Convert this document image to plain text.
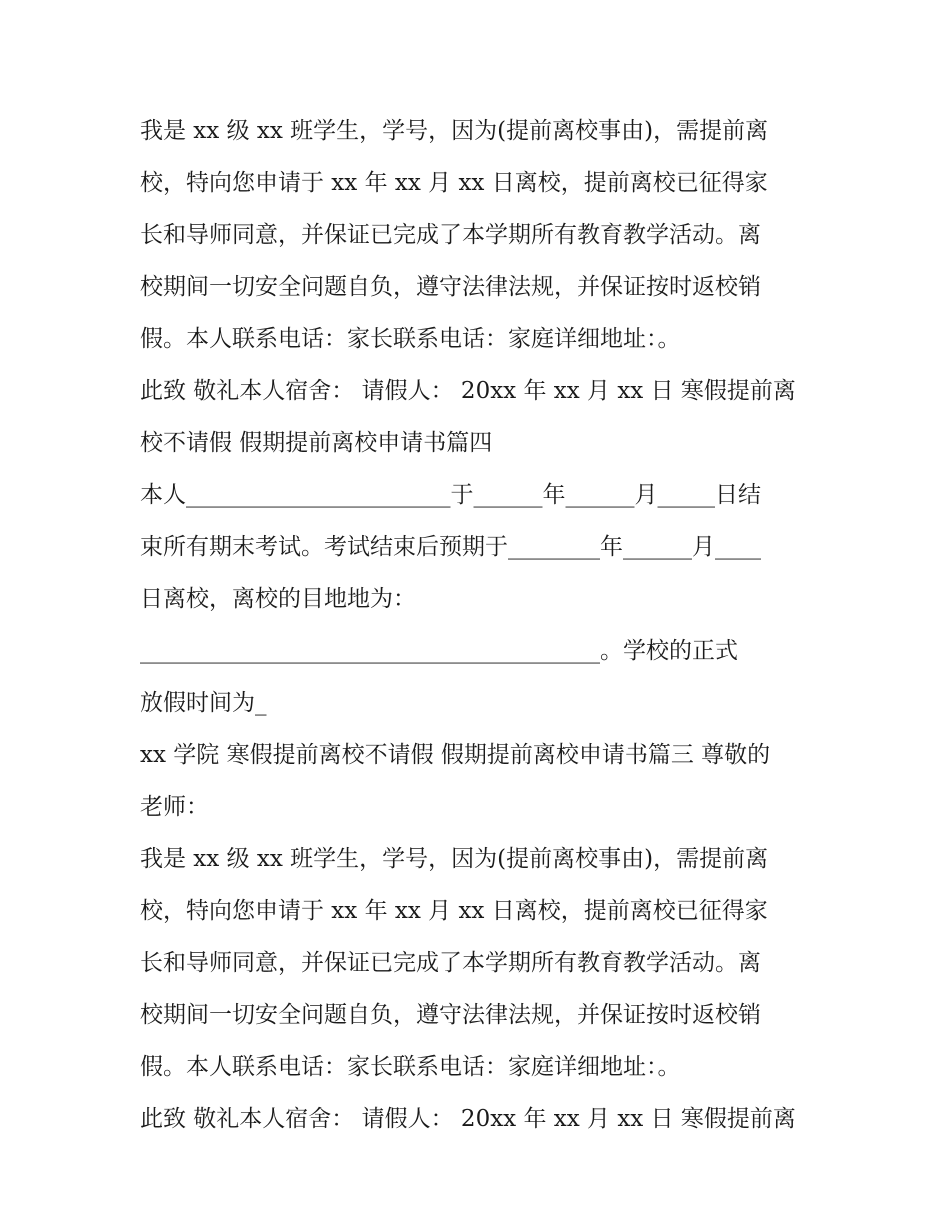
我是 xx 级 xx 班学生，学号，因为(提前离校事由)，需提前离

校，特向您申请于 xx 年 xx 月 xx 日离校，提前离校已征得家

长和导师同意，并保证已完成了本学期所有教育教学活动。离

校期间一切安全问题自负，遵守法律法规，并保证按时返校销

假。本人联系电话：家长联系电话：家庭详细地址：。

此致 敬礼本人宿舍： 请假人： 20xx 年 xx 月 xx 日 寒假提前离

校不请假 假期提前离校申请书篇四

本人_______________________于______年______月_____日结

束所有期末考试。考试结束后预期于________年______月____

日离校，离校的目地地为：

________________________________________。学校的正式

放假时间为_

xx 学院 寒假提前离校不请假 假期提前离校申请书篇三 尊敬的

老师：

我是 xx 级 xx 班学生，学号，因为(提前离校事由)，需提前离

校，特向您申请于 xx 年 xx 月 xx 日离校，提前离校已征得家

长和导师同意，并保证已完成了本学期所有教育教学活动。离

校期间一切安全问题自负，遵守法律法规，并保证按时返校销

假。本人联系电话：家长联系电话：家庭详细地址：。

此致 敬礼本人宿舍： 请假人： 20xx 年 xx 月 xx 日 寒假提前离
